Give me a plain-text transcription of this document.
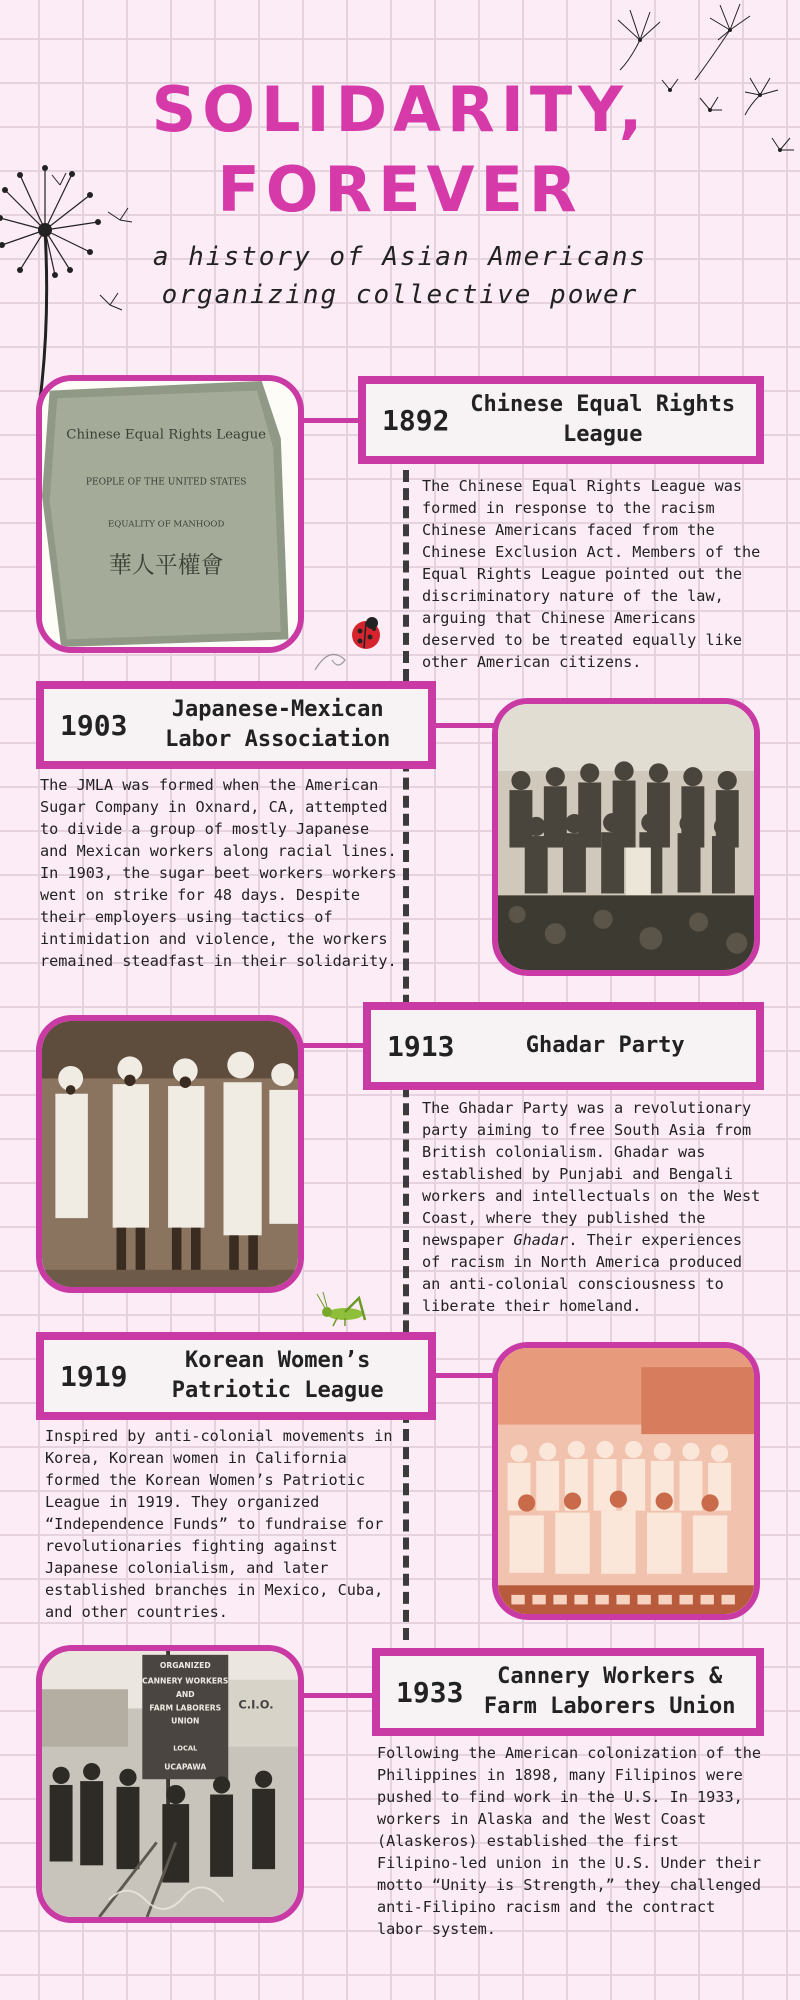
SOLIDARITY,
FOREVER

a history of Asian Americans

organizing collective power

Chinese Equal Rights League
PEOPLE OF THE UNITED STATES
EQUALITY OF MANHOOD
華人平權會
1892 Chinese Equal Rights League

The Chinese Equal Rights League was formed in response to the racism Chinese Americans faced from the Chinese Exclusion Act. Members of the Equal Rights League pointed out the discriminatory nature of the law, arguing that Chinese Americans deserved to be treated equally like other American citizens.

1903	Japanese-Mexican Labor Association

The JMLA was formed when the American Sugar Company in Oxnard, CA, attempted to divide a group of mostly Japanese and Mexican workers along racial lines. In 1903, the sugar beet workers workers went on strike for 48 days. Despite their employers using tactics of intimidation and violence, the workers remained steadfast in their solidarity.

1913	Ghadar Party

The Ghadar Party was a revolutionary party aiming to free South Asia from British colonialism. Ghadar was established by Punjabi and Bengali workers and intellectuals on the West Coast, where they published the newspaper Ghadar. Their experiences of racism in North America produced an anti-colonial consciousness to liberate their homeland.

1919	Korean Women’s Patriotic League

Inspired by anti-colonial movements in Korea, Korean women in California formed the Korean Women’s Patriotic League in 1919. They organized “Independence Funds” to fundraise for revolutionaries fighting against Japanese colonialism, and later established branches in Mexico, Cuba, and other countries.

C.I.O.
ORGANIZED
CANNERY WORKERS
AND
FARM LABORERS
UNION
LOCAL
UCAPAWA
1933	Cannery Workers & Farm Laborers Union

Following the American colonization of the Philippines in 1898, many Filipinos were pushed to find work in the U.S. In 1933, workers in Alaska and the West Coast (Alaskeros) established the first Filipino-led union in the U.S. Under their motto “Unity is Strength,” they challenged anti-Filipino racism and the contract labor system.
